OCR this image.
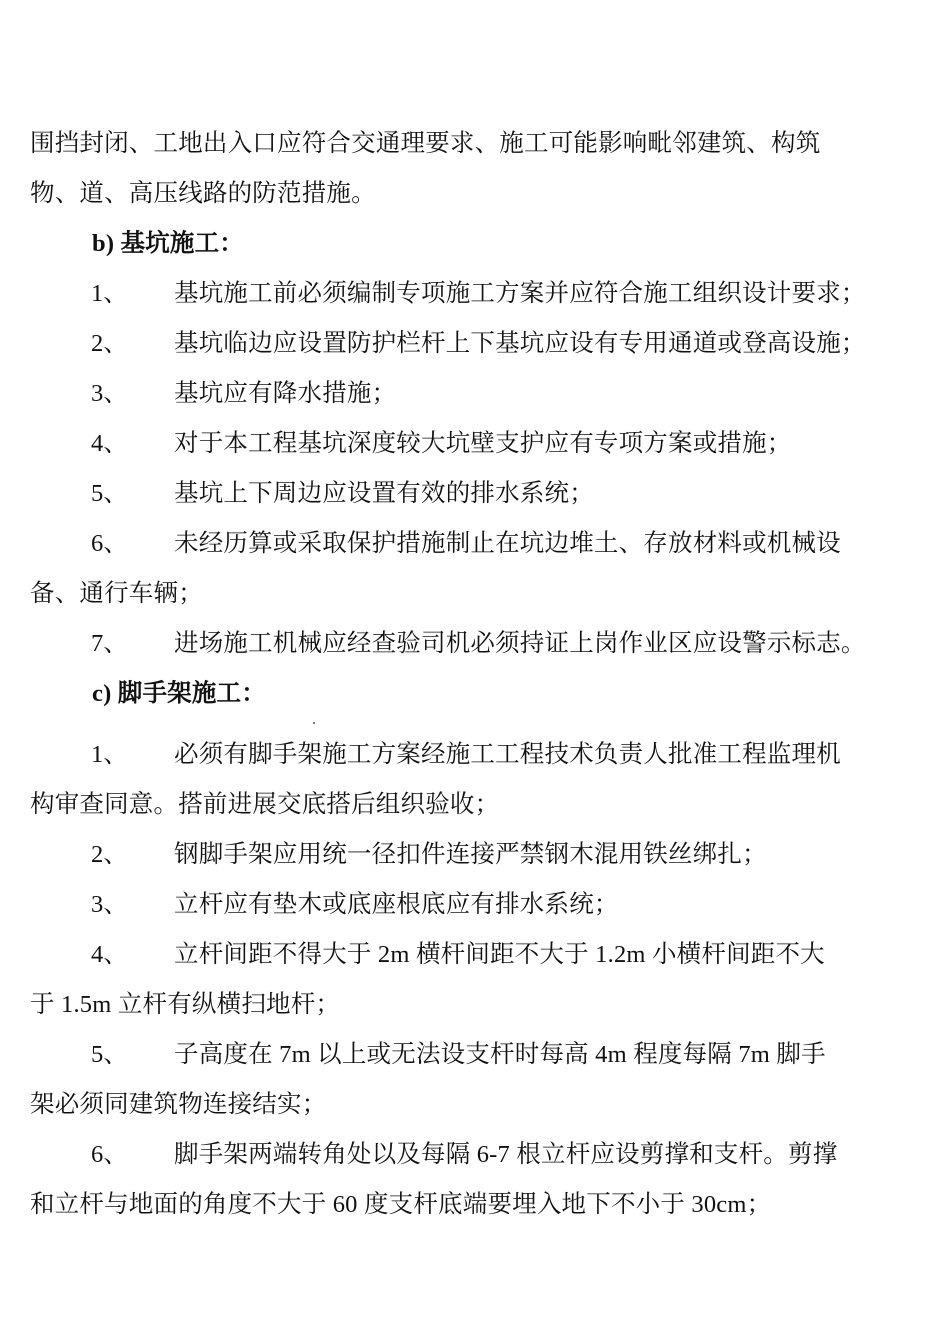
围挡封闭、工地出入口应符合交通理要求、施工可能影响毗邻建筑、构筑
物、道、高压线路的防范措施。
b) 基坑施工：
1、 基坑施工前必须编制专项施工方案并应符合施工组织设计要求；
2、 基坑临边应设置防护栏杆上下基坑应设有专用通道或登高设施；
3、 基坑应有降水措施；
4、 对于本工程基坑深度较大坑壁支护应有专项方案或措施；
5、 基坑上下周边应设置有效的排水系统；
6、 未经历算或采取保护措施制止在坑边堆土、存放材料或机械设
备、通行车辆；
7、 进场施工机械应经查验司机必须持证上岗作业区应设警示标志。
c) 脚手架施工：
1、 必须有脚手架施工方案经施工工程技术负责人批准工程监理机
构审查同意。搭前进展交底搭后组织验收；
2、 钢脚手架应用统一径扣件连接严禁钢木混用铁丝绑扎；
3、 立杆应有垫木或底座根底应有排水系统；
4、 立杆间距不得大于 2m 横杆间距不大于 1.2m 小横杆间距不大
于 1.5m 立杆有纵横扫地杆；
5、 子高度在 7m 以上或无法设支杆时每高 4m 程度每隔 7m 脚手
架必须同建筑物连接结实；
6、 脚手架两端转角处以及每隔 6-7 根立杆应设剪撑和支杆。剪撑
和立杆与地面的角度不大于 60 度支杆底端要埋入地下不小于 30cm；
